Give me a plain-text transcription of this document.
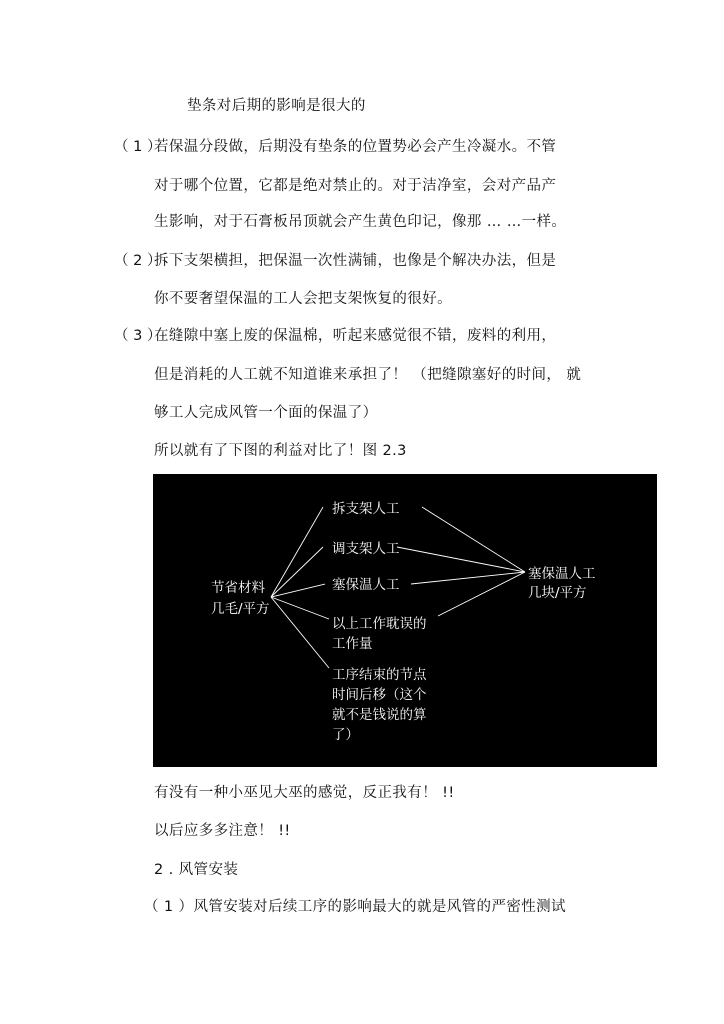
垫条对后期的影响是很大的
（ 1 ）
若保温分段做，后期没有垫条的位置势必会产生冷凝水。不管
对于哪个位置，它都是绝对禁止的。对于洁净室，会对产品产
生影响，对于石膏板吊顶就会产生黄色印记，像那 … …一样。
（ 2 ）
拆下支架横担，把保温一次性满铺，也像是个解决办法，但是
你不要奢望保温的工人会把支架恢复的很好。
（ 3 ）
在缝隙中塞上废的保温棉，听起来感觉很不错，废料的利用，
但是消耗的人工就不知道谁来承担了！ （把缝隙塞好的时间， 就
够工人完成风管一个面的保温了）
所以就有了下图的利益对比了！图 2.3
节省材料
几毛/平方
拆支架人工
调支架人工
塞保温人工
以上工作耽误的
工作量
工序结束的节点
时间后移（这个
就不是钱说的算
了）
塞保温人工
几块/平方
有没有一种小巫见大巫的感觉，反正我有！ !!
以后应多多注意！ !!
2 . 风管安装
（ 1 ）风管安装对后续工序的影响最大的就是风管的严密性测试
